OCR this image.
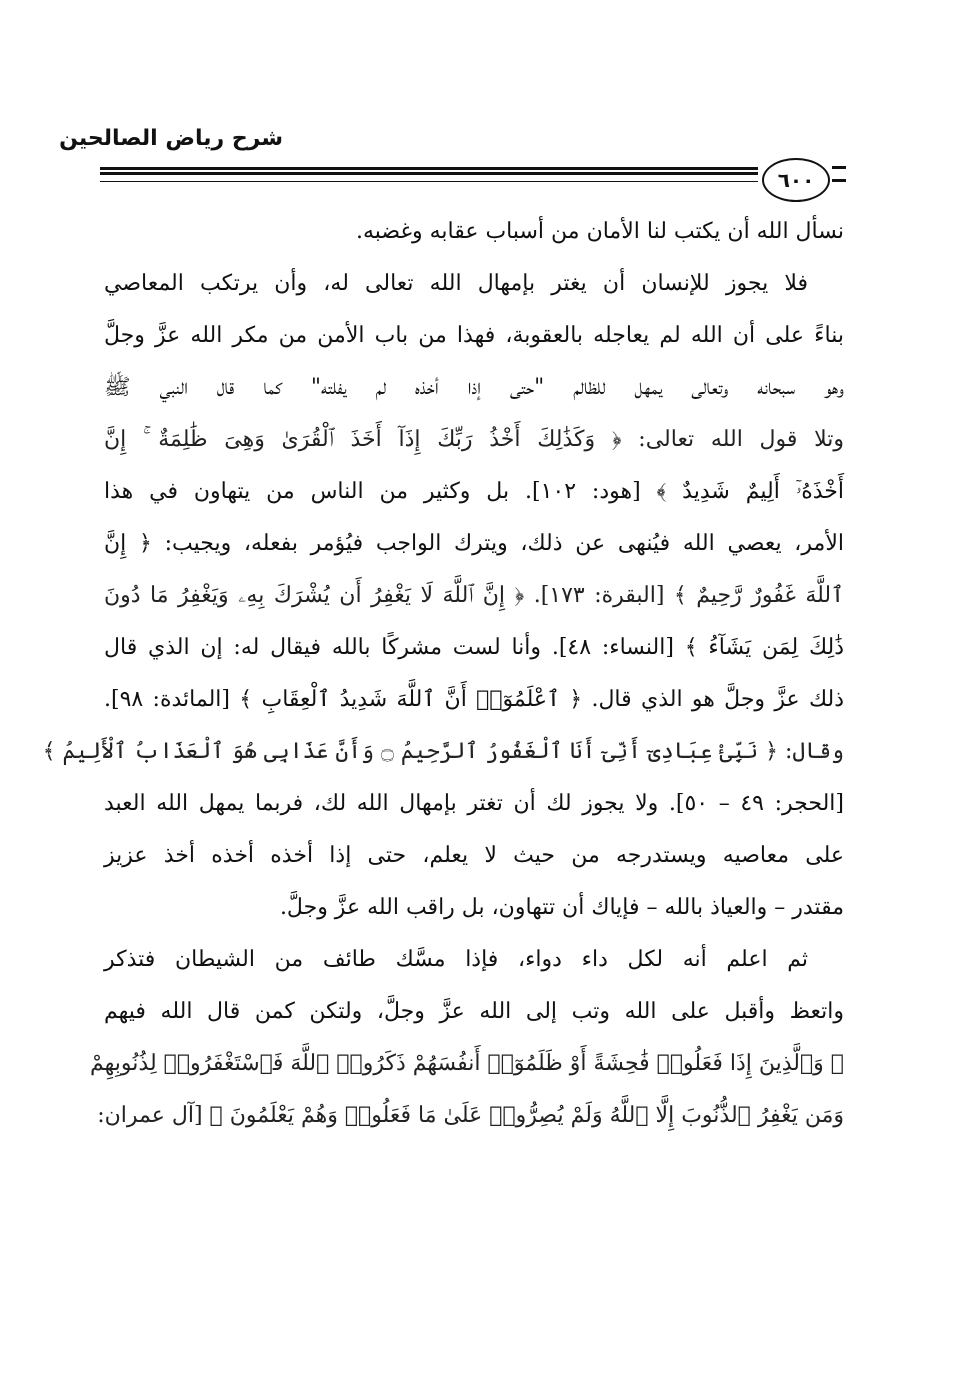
شرح رياض الصالحين
٦٠٠
نسأل الله أن يكتب لنا الأمان من أسباب عقابه وغضبه.
فلا يجوز للإنسان أن يغتر بإمهال الله تعالى له، وأن يرتكب المعاصي
بناءً على أن الله لم يعاجله بالعقوبة، فهذا من باب الأمن من مكر الله عزَّ وجلَّ
وهو سبحانه وتعالى يمهل للظالم "حتى إذا أخذه لم يفلته" كما قال النبي ﷺ
وتلا قول الله تعالى: ﴿ وَكَذَٰلِكَ أَخْذُ رَبِّكَ إِذَآ أَخَذَ ٱلْقُرَىٰ وَهِىَ ظَٰلِمَةٌ ۚ إِنَّ
أَخْذَهُۥٓ أَلِيمٌ شَدِيدٌ ﴾ [هود: ١٠٢]. بل وكثير من الناس من يتهاون في هذا
الأمر، يعصي الله فيُنهى عن ذلك، ويترك الواجب فيُؤمر بفعله، ويجيب: ﴿ إِنَّ
ٱللَّهَ غَفُورٌ رَّحِيمٌ ﴾ [البقرة: ١٧٣]. ﴿ إِنَّ ٱللَّهَ لَا يَغْفِرُ أَن يُشْرَكَ بِهِۦ وَيَغْفِرُ مَا دُونَ
ذَٰلِكَ لِمَن يَشَآءُ ﴾ [النساء: ٤٨]. وأنا لست مشركًا بالله فيقال له: إن الذي قال
ذلك عزَّ وجلَّ هو الذي قال. ﴿ ٱعْلَمُوٓا۟ أَنَّ ٱللَّهَ شَدِيدُ ٱلْعِقَابِ ﴾ [المائدة: ٩٨].
وقال: ﴿ نَبِّئْ عِبَادِىٓ أَنِّىٓ أَنَا ٱلْغَفُورُ ٱلرَّحِيمُ ۝ وَأَنَّ عَذَابِى هُوَ ٱلْعَذَابُ ٱلْأَلِيمُ ﴾
[الحجر: ٤٩ – ٥٠]. ولا يجوز لك أن تغتر بإمهال الله لك، فربما يمهل الله العبد
على معاصيه ويستدرجه من حيث لا يعلم، حتى إذا أخذه أخذه أخذ عزيز
مقتدر – والعياذ بالله – فإياك أن تتهاون، بل راقب الله عزَّ وجلَّ.
ثم اعلم أنه لكل داء دواء، فإذا مسَّك طائف من الشيطان فتذكر
واتعظ وأقبل على الله وتب إلى الله عزَّ وجلَّ، ولتكن كمن قال الله فيهم
﴿ وَٱلَّذِينَ إِذَا فَعَلُوا۟ فَٰحِشَةً أَوْ ظَلَمُوٓا۟ أَنفُسَهُمْ ذَكَرُوا۟ ٱللَّهَ فَٱسْتَغْفَرُوا۟ لِذُنُوبِهِمْ
وَمَن يَغْفِرُ ٱلذُّنُوبَ إِلَّا ٱللَّهُ وَلَمْ يُصِرُّوا۟ عَلَىٰ مَا فَعَلُوا۟ وَهُمْ يَعْلَمُونَ ﴾ [آل عمران:
